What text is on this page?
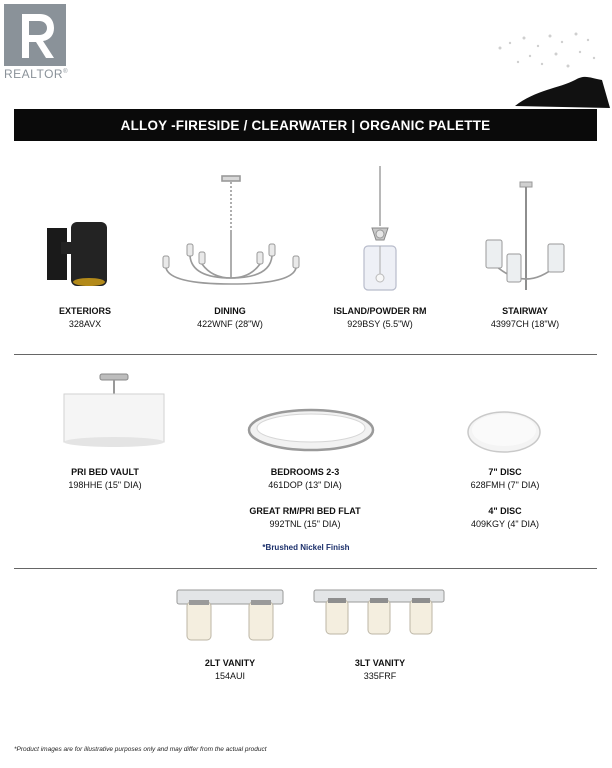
REALTOR®
ALLOY -FIRESIDE / CLEARWATER | ORGANIC PALETTE
EXTERIORS
328AVX
DINING
422WNF (28"W)
ISLAND/POWDER RM
929BSY (5.5"W)
STAIRWAY
43997CH (18"W)
PRI BED VAULT
198HHE (15" DIA)
BEDROOMS 2-3
461DOP (13" DIA)
7" DISC
628FMH (7" DIA)
GREAT RM/PRI BED FLAT
992TNL (15" DIA)
4" DISC
409KGY (4" DIA)
*Brushed Nickel Finish
2LT VANITY
154AUI
3LT VANITY
335FRF
*Product images are for illustrative purposes only and may differ from the actual product
